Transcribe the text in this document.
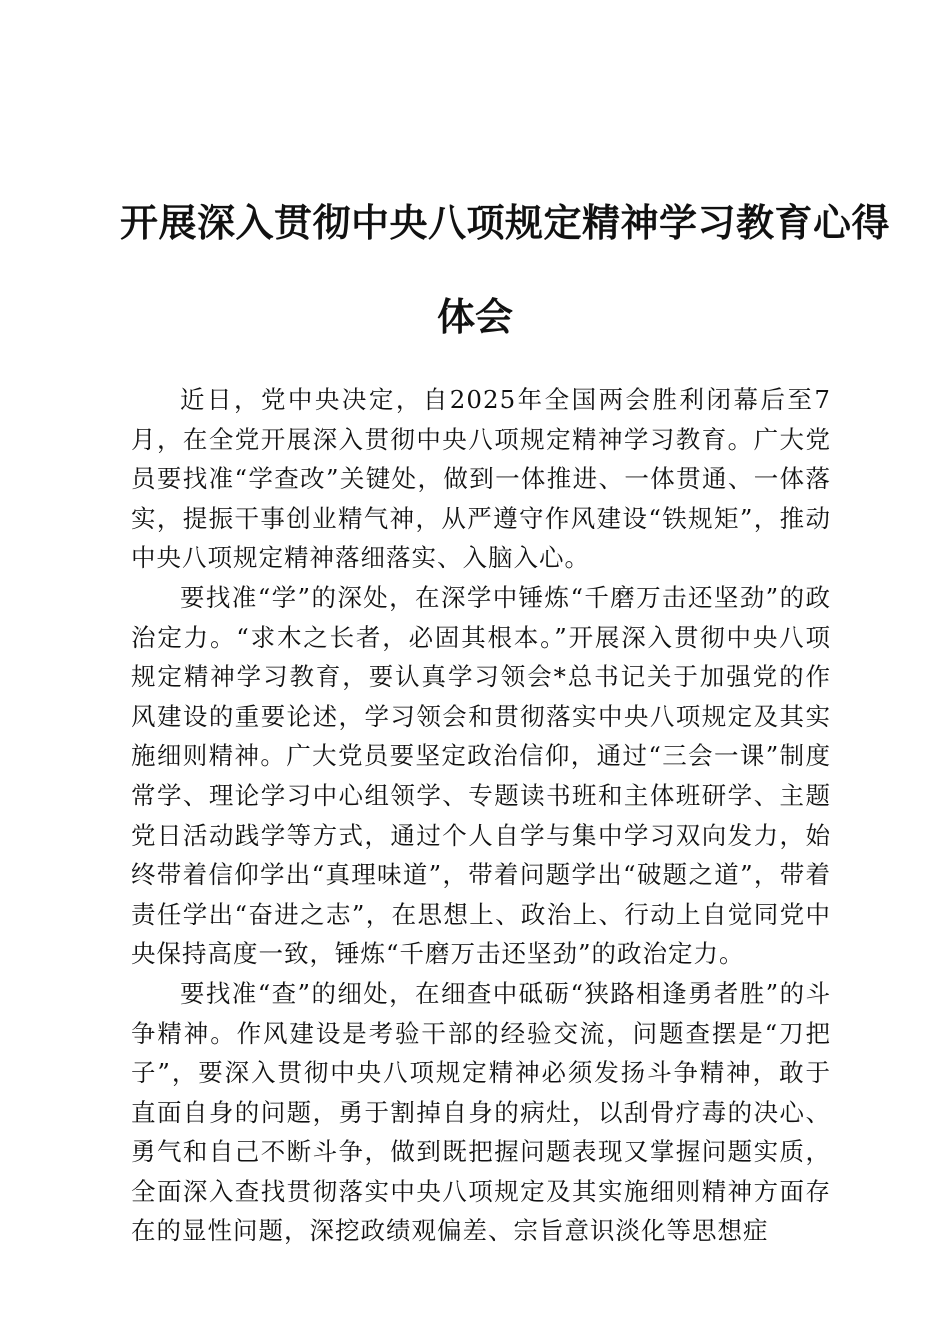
开展深入贯彻中央八项规定精神学习教育心得
体会

近日，党中央决定，自2025年全国两会胜利闭幕后至7月，在全党开展深入贯彻中央八项规定精神学习教育。广大党员要找准“学查改”关键处，做到一体推进、一体贯通、一体落实，提振干事创业精气神，从严遵守作风建设“铁规矩”，推动中央八项规定精神落细落实、入脑入心。

要找准“学”的深处，在深学中锤炼“千磨万击还坚劲”的政治定力。“求木之长者，必固其根本。”开展深入贯彻中央八项规定精神学习教育，要认真学习领会*总书记关于加强党的作风建设的重要论述，学习领会和贯彻落实中央八项规定及其实施细则精神。广大党员要坚定政治信仰，通过“三会一课”制度常学、理论学习中心组领学、专题读书班和主体班研学、主题党日活动践学等方式，通过个人自学与集中学习双向发力，始终带着信仰学出“真理味道”，带着问题学出“破题之道”，带着责任学出“奋进之志”，在思想上、政治上、行动上自觉同党中央保持高度一致，锤炼“千磨万击还坚劲”的政治定力。

要找准“查”的细处，在细查中砥砺“狭路相逢勇者胜”的斗争精神。作风建设是考验干部的经验交流，问题查摆是“刀把子”，要深入贯彻中央八项规定精神必须发扬斗争精神，敢于直面自身的问题，勇于割掉自身的病灶，以刮骨疗毒的决心、勇气和自己不断斗争，做到既把握问题表现又掌握问题实质，全面深入查找贯彻落实中央八项规定及其实施细则精神方面存在的显性问题，深挖政绩观偏差、宗旨意识淡化等思想症
